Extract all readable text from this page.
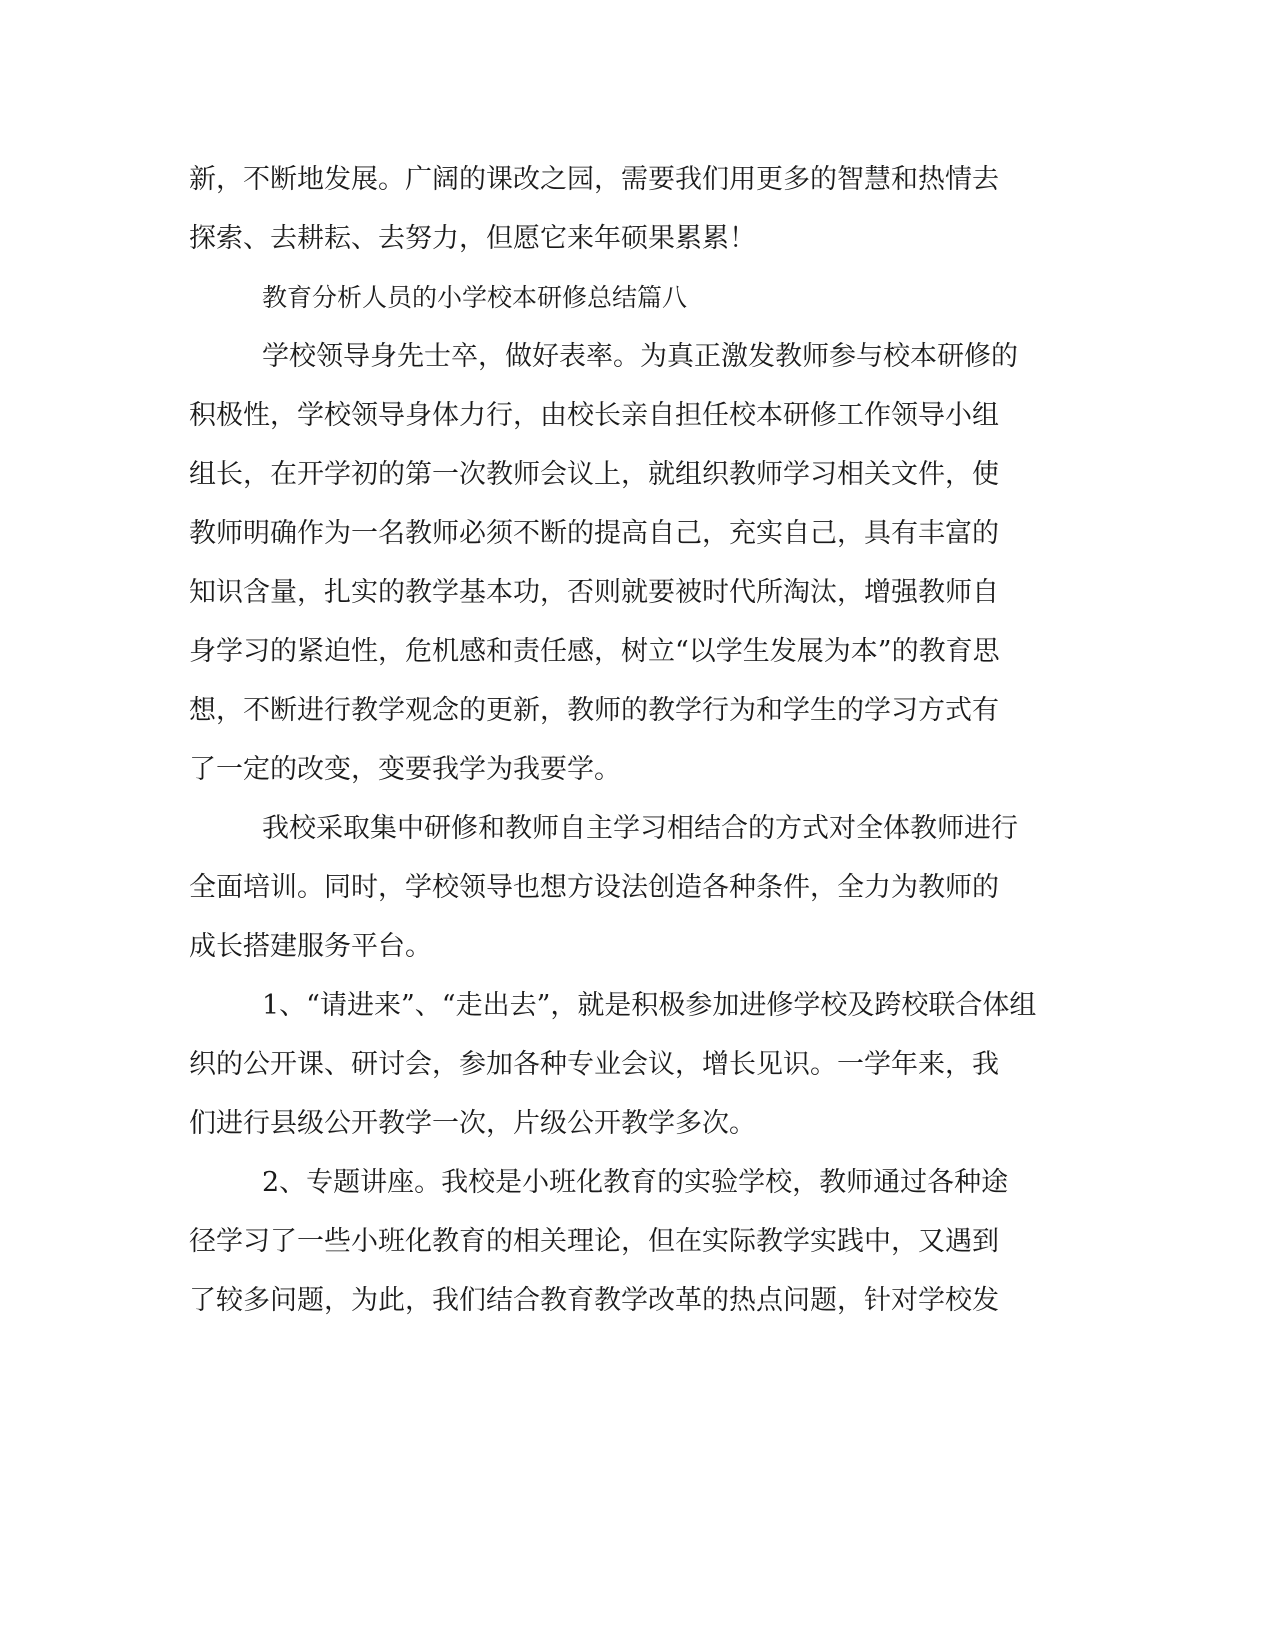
新，不断地发展。广阔的课改之园，需要我们用更多的智慧和热情去
探索、去耕耘、去努力，但愿它来年硕果累累！
教育分析人员的小学校本研修总结篇八
学校领导身先士卒，做好表率。为真正激发教师参与校本研修的
积极性，学校领导身体力行，由校长亲自担任校本研修工作领导小组
组长，在开学初的第一次教师会议上，就组织教师学习相关文件，使
教师明确作为一名教师必须不断的提高自己，充实自己，具有丰富的
知识含量，扎实的教学基本功，否则就要被时代所淘汰，增强教师自
身学习的紧迫性，危机感和责任感，树立“以学生发展为本”的教育思
想，不断进行教学观念的更新，教师的教学行为和学生的学习方式有
了一定的改变，变要我学为我要学。
我校采取集中研修和教师自主学习相结合的方式对全体教师进行
全面培训。同时，学校领导也想方设法创造各种条件，全力为教师的
成长搭建服务平台。
1、“请进来”、“走出去”，就是积极参加进修学校及跨校联合体组
织的公开课、研讨会，参加各种专业会议，增长见识。一学年来，我
们进行县级公开教学一次，片级公开教学多次。
2、专题讲座。我校是小班化教育的实验学校，教师通过各种途
径学习了一些小班化教育的相关理论，但在实际教学实践中，又遇到
了较多问题，为此，我们结合教育教学改革的热点问题，针对学校发
